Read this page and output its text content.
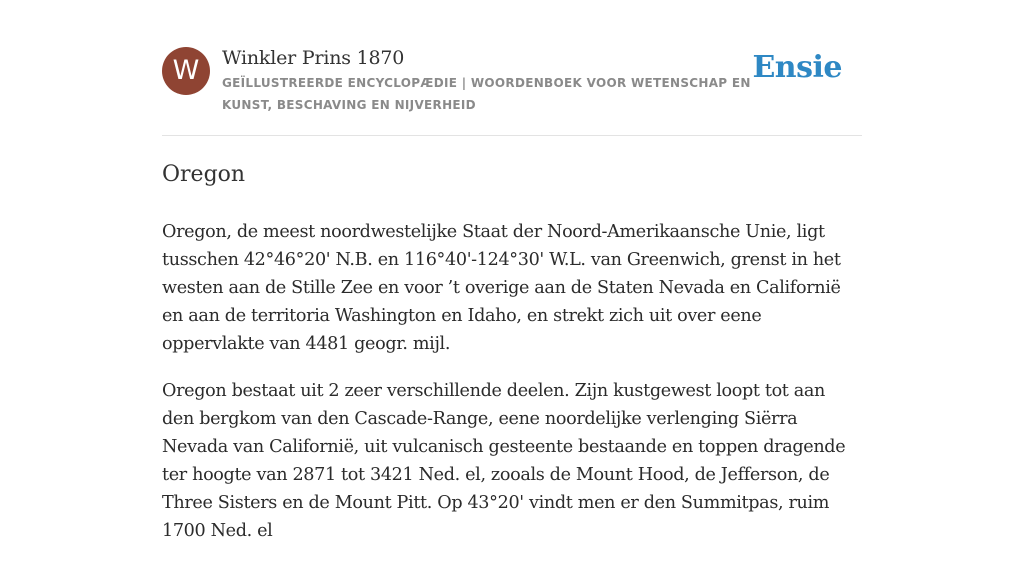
W	Winkler Prins 1870

GEÏLLUSTREERDE ENCYCLOPÆDIE | WOORDENBOEK VOOR WETENSCHAP EN KUNST, BESCHAVING EN NIJVERHEID
Ensie
Oregon

Oregon, de meest noordwestelijke Staat der Noord-Amerikaansche Unie, ligt tusschen 42°46°20' N.B. en 116°40'-124°30' W.L. van Greenwich, grenst in het westen aan de Stille Zee en voor ’t overige aan de Staten Nevada en Californië en aan de territoria Washington en Idaho, en strekt zich uit over eene oppervlakte van 4481 geogr. mijl.

Oregon bestaat uit 2 zeer verschillende deelen. Zijn kustgewest loopt tot aan den bergkom van den Cascade-Range, eene noordelijke verlenging Siërra Nevada van Californië, uit vulcanisch gesteente bestaande en toppen dragende ter hoogte van 2871 tot 3421 Ned. el, zooals de Mount Hood, de Jefferson, de Three Sisters en de Mount Pitt. Op 43°20' vindt men er den Summitpas, ruim 1700 Ned. el
